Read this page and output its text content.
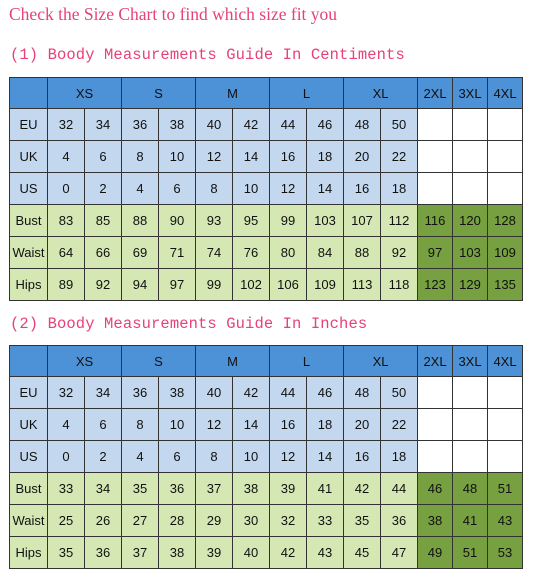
Check the Size Chart to find which size fit you
(1) Boody Measurements Guide In Centiments
	XS		S		M		L		XL		2XL	3XL	4XL
EU	32	34	36	38	40	42	44	46	48	50			
UK	4	6	8	10	12	14	16	18	20	22			
US	0	2	4	6	8	10	12	14	16	18			
Bust	83	85	88	90	93	95	99	103	107	112	116	120	128
Waist	64	66	69	71	74	76	80	84	88	92	97	103	109
Hips	89	92	94	97	99	102	106	109	113	118	123	129	135
(2) Boody Measurements Guide In Inches
	XS		S		M		L		XL		2XL	3XL	4XL
EU	32	34	36	38	40	42	44	46	48	50			
UK	4	6	8	10	12	14	16	18	20	22			
US	0	2	4	6	8	10	12	14	16	18			
Bust	33	34	35	36	37	38	39	41	42	44	46	48	51
Waist	25	26	27	28	29	30	32	33	35	36	38	41	43
Hips	35	36	37	38	39	40	42	43	45	47	49	51	53
